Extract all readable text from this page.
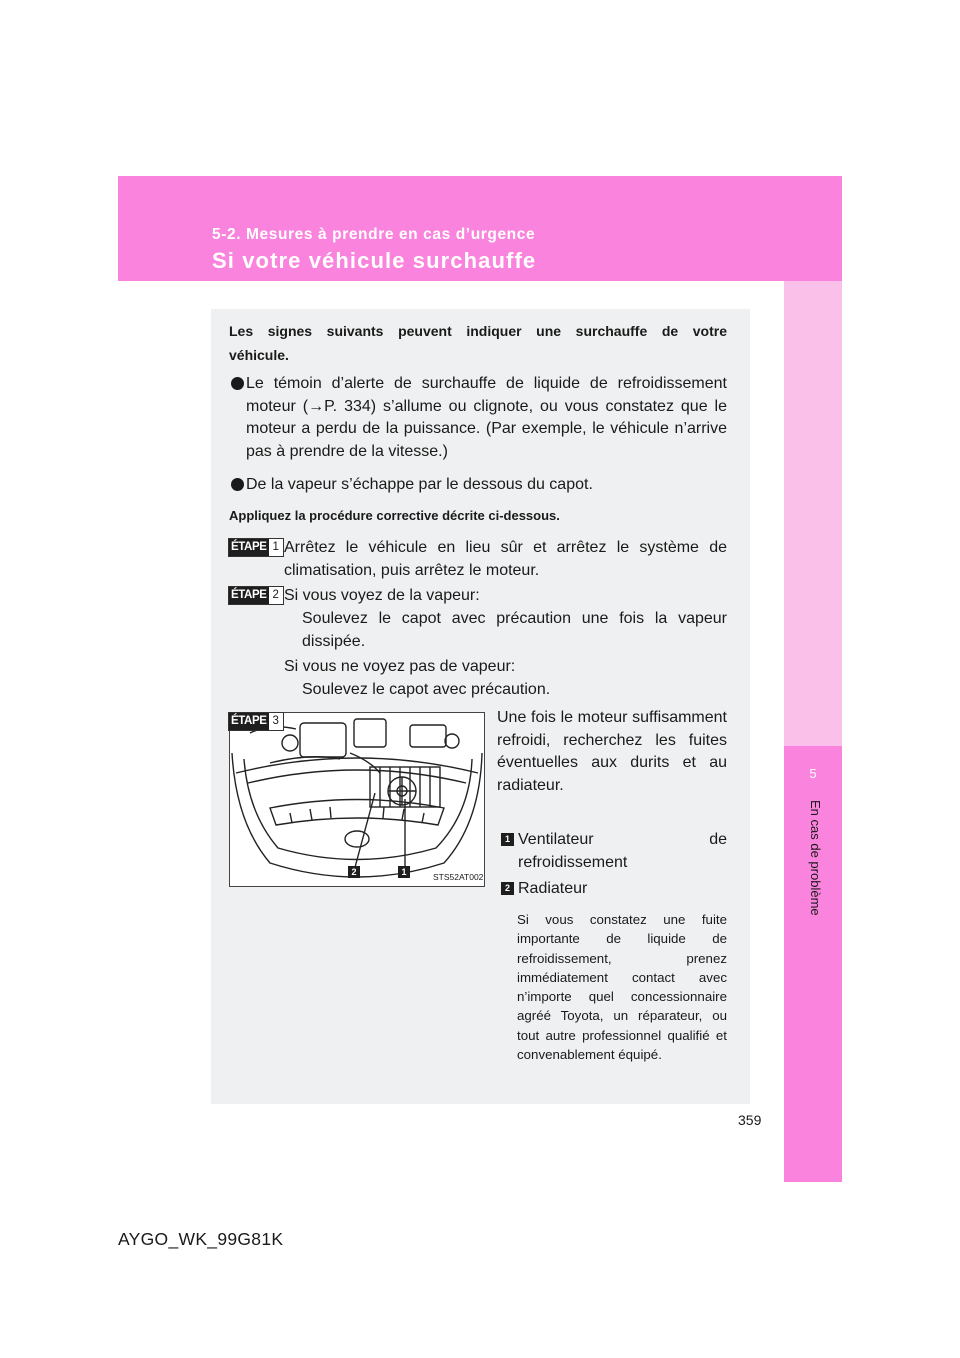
5-2. Mesures à prendre en cas d’urgence
Si votre véhicule surchauffe
5
En cas de problème
Les signes suivants peuvent indiquer une surchauffe de votre véhicule.
Le témoin d’alerte de surchauffe de liquide de refroidissement moteur (→P. 334) s’allume ou clignote, ou vous constatez que le moteur a perdu de la puissance. (Par exemple, le véhicule n’arrive pas à prendre de la vitesse.)
De la vapeur s’échappe par le dessous du capot.
Appliquez la procédure corrective décrite ci-dessous.
ÉTAPE 1 Arrêtez le véhicule en lieu sûr et arrêtez le système de climatisation, puis arrêtez le moteur.
ÉTAPE 2 Si vous voyez de la vapeur:
Soulevez le capot avec précaution une fois la vapeur dissipée.
Si vous ne voyez pas de vapeur:
Soulevez le capot avec précaution.
ÉTAPE 3
2	1	STS52AT002
Une fois le moteur suffisamment refroidi, recherchez les fuites éventuelles aux durits et au radiateur.
1 Ventilateur de refroidissement
2 Radiateur
Si vous constatez une fuite importante de liquide de refroidissement, prenez immédiatement contact avec n’importe quel concessionnaire agréé Toyota, un réparateur, ou tout autre professionnel qualifié et convenablement équipé.
359
AYGO_WK_99G81K
